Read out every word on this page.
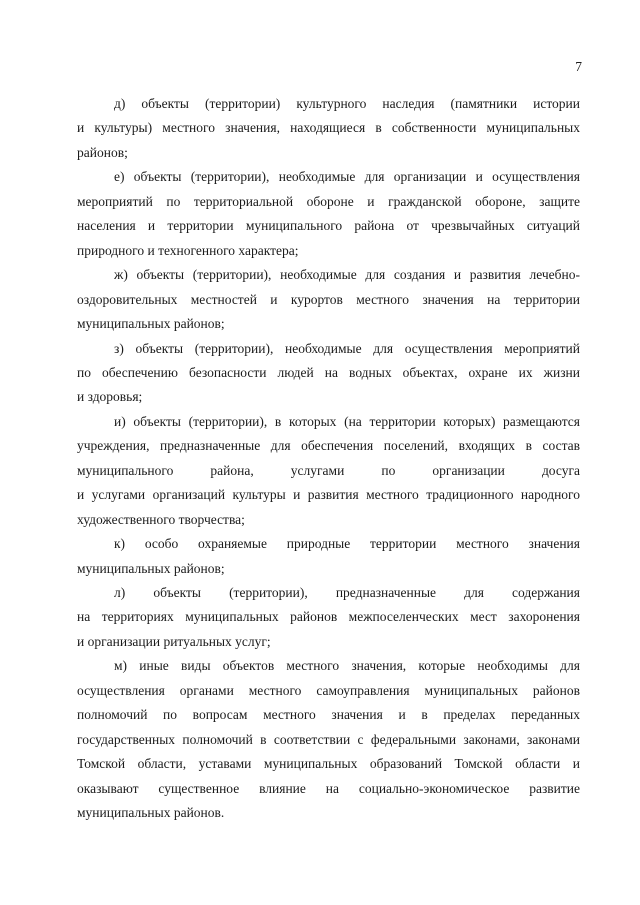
7
д) объекты (территории) культурного наследия (памятники истории
и культуры) местного значения, находящиеся в собственности муниципальных
районов;
е) объекты (территории), необходимые для организации и осуществления
мероприятий по территориальной обороне и гражданской обороне, защите
населения и территории муниципального района от чрезвычайных ситуаций
природного и техногенного характера;
ж) объекты (территории), необходимые для создания и развития лечебно-
оздоровительных местностей и курортов местного значения на территории
муниципальных районов;
з) объекты (территории), необходимые для осуществления мероприятий
по обеспечению безопасности людей на водных объектах, охране их жизни
и здоровья;
и) объекты (территории), в которых (на территории которых) размещаются
учреждения, предназначенные для обеспечения поселений, входящих в состав
муниципального района, услугами по организации досуга
и услугами организаций культуры и развития местного традиционного народного
художественного творчества;
к) особо охраняемые природные территории местного значения
муниципальных районов;
л) объекты (территории), предназначенные для содержания
на территориях муниципальных районов межпоселенческих мест захоронения
и организации ритуальных услуг;
м) иные виды объектов местного значения, которые необходимы для
осуществления органами местного самоуправления муниципальных районов
полномочий по вопросам местного значения и в пределах переданных
государственных полномочий в соответствии с федеральными законами, законами
Томской области, уставами муниципальных образований Томской области и
оказывают существенное влияние на социально-экономическое развитие
муниципальных районов.
